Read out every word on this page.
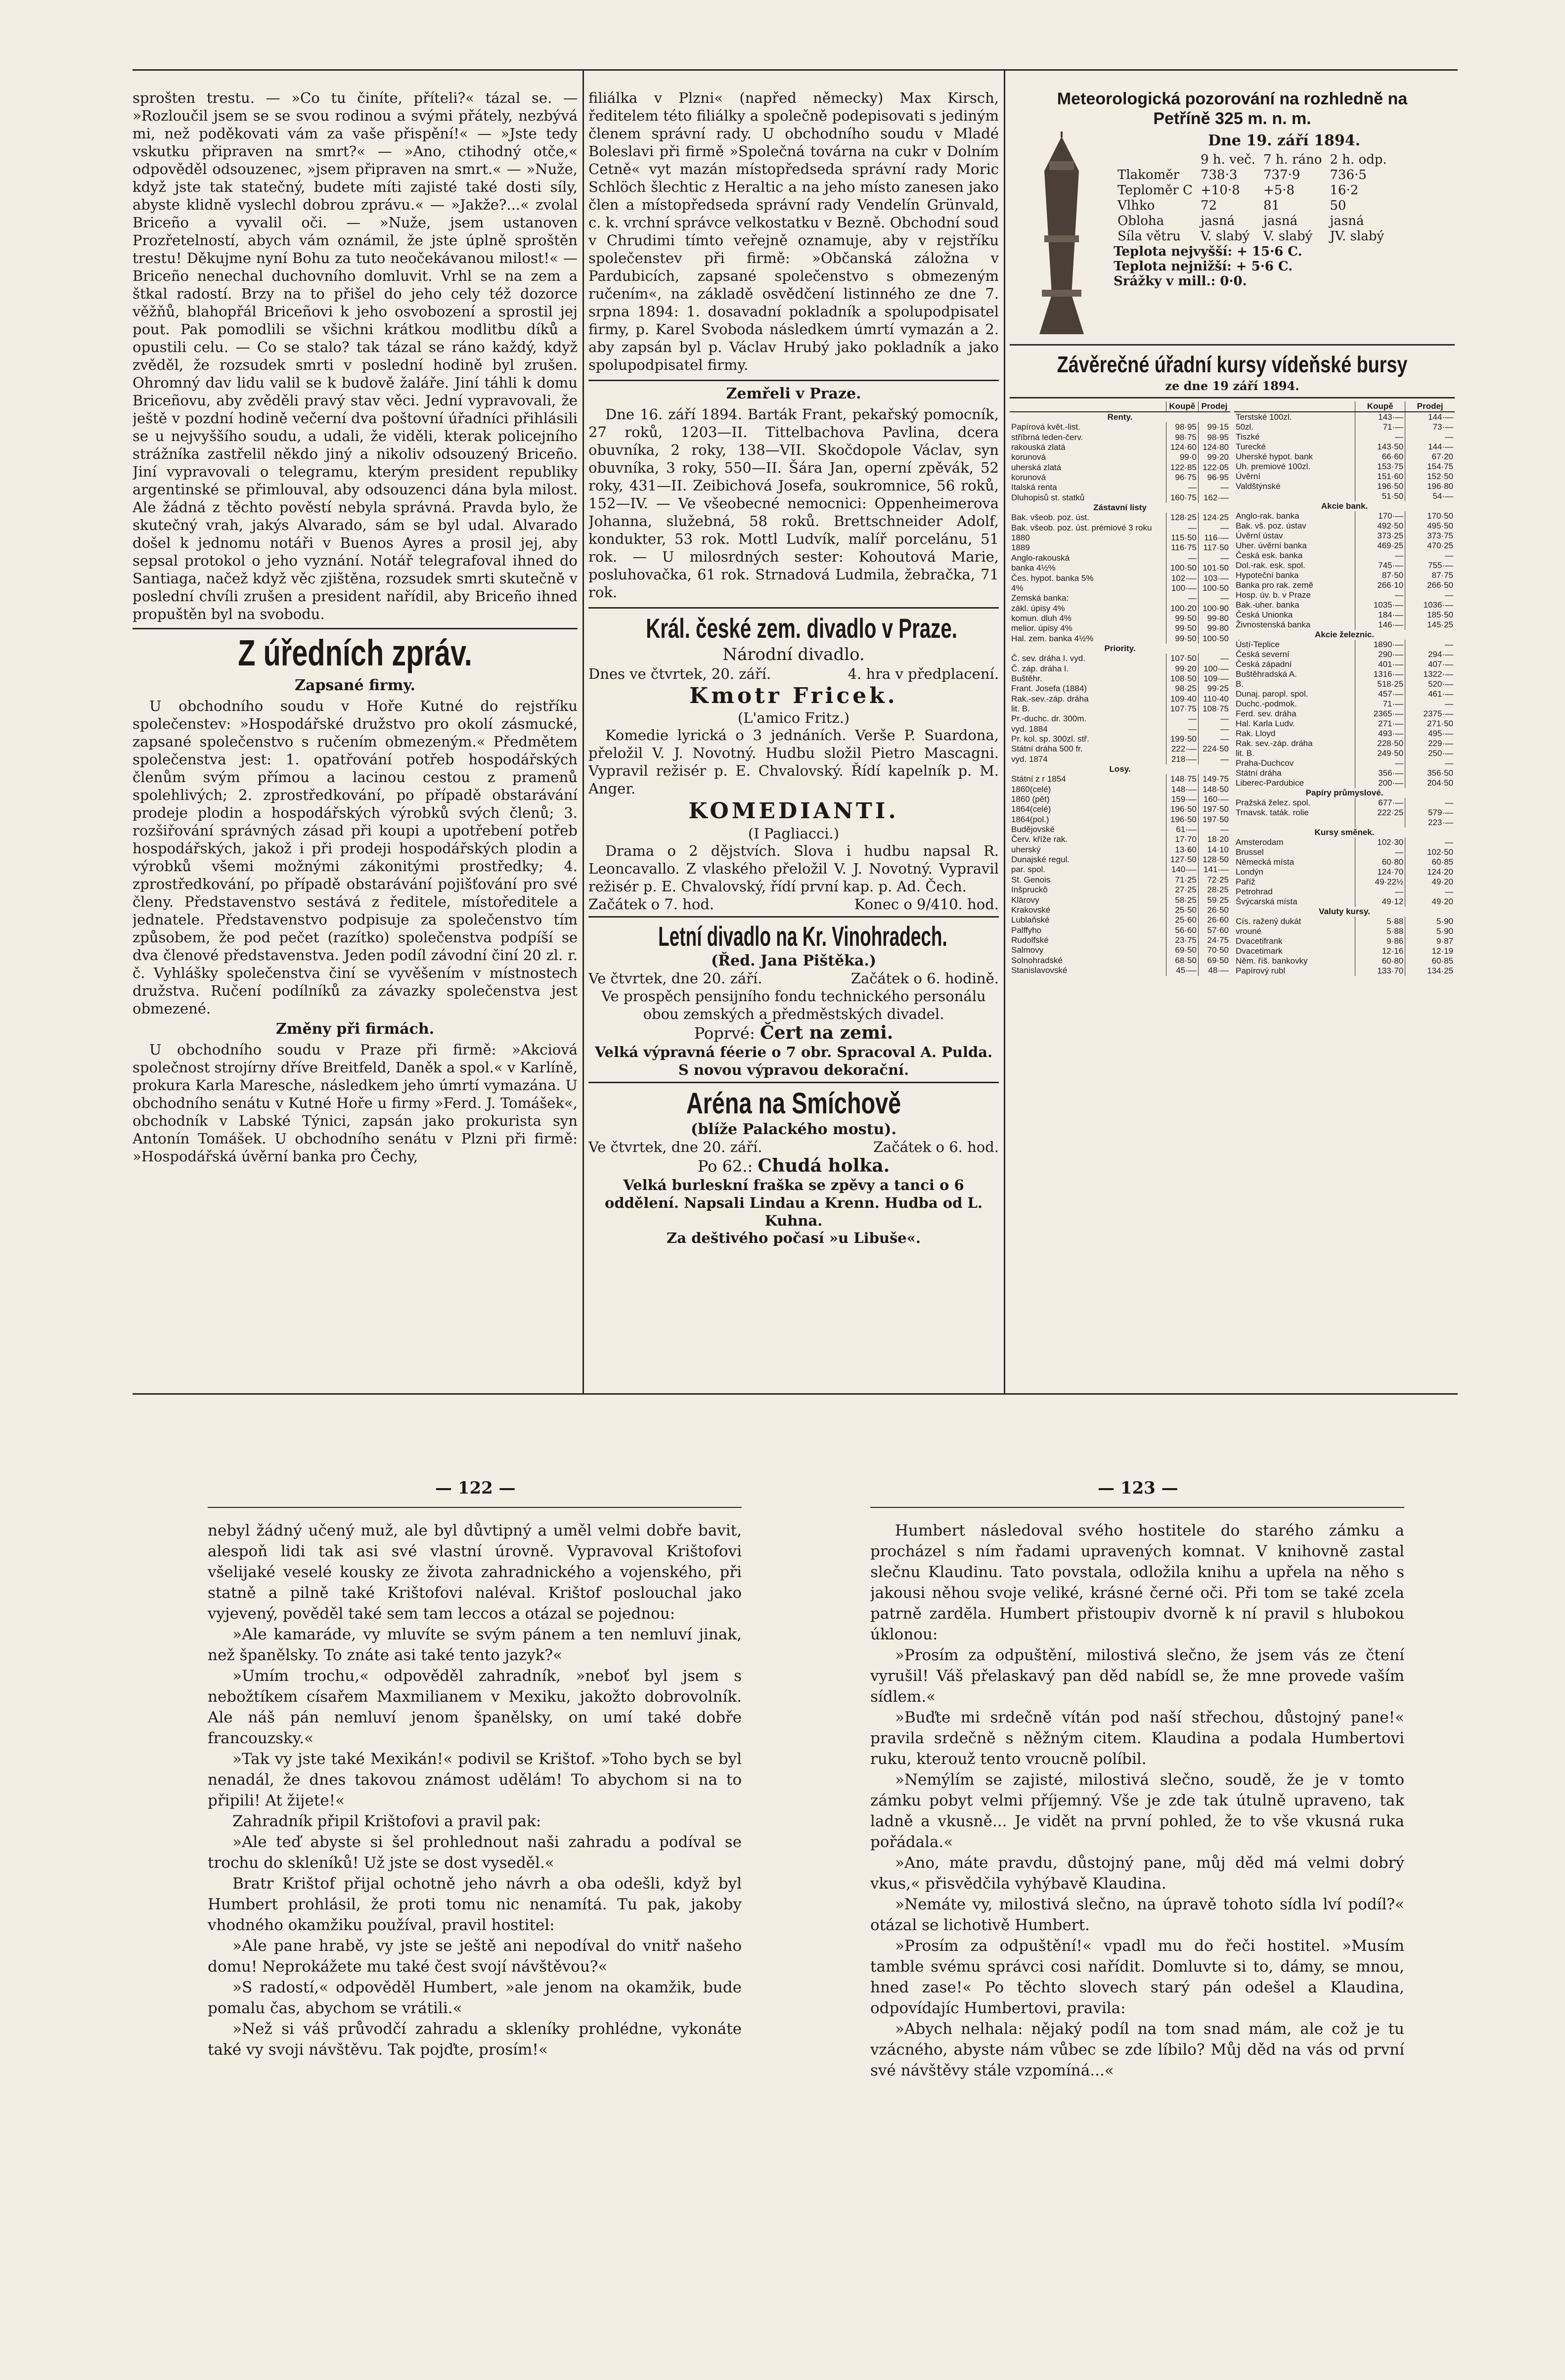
sprošten trestu. — »Co tu činíte, příteli?« tázal se. — »Rozloučil jsem se se svou rodinou a svými přátely, nezbývá mi, než poděkovati vám za vaše přispění!« — »Jste tedy vskutku připraven na smrt?« — »Ano, ctihodný otče,« odpověděl odsouzenec, »jsem připraven na smrt.« — »Nuže, když jste tak statečný, budete míti zajisté také dosti síly, abyste klidně vyslechl dobrou zprávu.« — »Jakže?...« zvolal Briceño a vyvalil oči. — »Nuže, jsem ustanoven Prozřetelností, abych vám oznámil, že jste úplně sproštěn trestu! Děkujme nyní Bohu za tuto neočekávanou milost!« — Briceño nenechal duchovního domluvit. Vrhl se na zem a štkal radostí. Brzy na to přišel do jeho cely též dozorce věžňů, blahopřál Briceñovi k jeho osvobození a sprostil jej pout. Pak pomodlili se všichni krátkou modlitbu díků a opustili celu. — Co se stalo? tak tázal se ráno každý, když zvěděl, že rozsudek smrti v poslední hodině byl zrušen. Ohromný dav lidu valil se k budově žaláře. Jiní táhli k domu Briceñovu, aby zvěděli pravý stav věci. Jední vypravovali, že ještě v pozdní hodině večerní dva poštovní úřadníci přihlásili se u nejvyššího soudu, a udali, že viděli, kterak policejního strážníka zastřelil někdo jiný a nikoliv odsouzený Briceño. Jiní vypravovali o telegramu, kterým president republiky argentinské se přimlouval, aby odsouzenci dána byla milost. Ale žádná z těchto pověstí nebyla správná. Pravda bylo, že skutečný vrah, jakýs Alvarado, sám se byl udal. Alvarado došel k jednomu notáři v Buenos Ayres a prosil jej, aby sepsal protokol o jeho vyznání. Notář telegrafoval ihned do Santiaga, načež když věc zjištěna, rozsudek smrti skutečně v poslední chvíli zrušen a president nařídil, aby Briceño ihned propuštěn byl na svobodu.

Z úředních zpráv.
Zapsané firmy.

U obchodního soudu v Hoře Kutné do rejstříku společenstev: »Hospodářské družstvo pro okolí zásmucké, zapsané společenstvo s ručením obmezeným.« Předmětem společenstva jest: 1. opatřování potřeb hospodářských členům svým přímou a lacinou cestou z pramenů spolehlivých; 2. zprostředkování, po případě obstarávání prodeje plodin a hospodářských výrobků svých členů; 3. rozšiřování správných zásad při koupi a upotřebení potřeb hospodářských, jakož i při prodeji hospodářských plodin a výrobků všemi možnými zákonitými prostředky; 4. zprostředkování, po případě obstarávání pojišťování pro své členy. Představenstvo sestává z ředitele, místoředitele a jednatele. Představenstvo podpisuje za společenstvo tím způsobem, že pod pečet (razítko) společenstva podpíší se dva členové představenstva. Jeden podíl závodní činí 20 zl. r. č. Vyhlášky společenstva činí se vyvěšením v místnostech družstva. Ručení podílníků za závazky společenstva jest obmezené.

Změny při firmách.

U obchodního soudu v Praze při firmě: »Akciová společnost strojírny dříve Breitfeld, Daněk a spol.« v Karlíně, prokura Karla Maresche, následkem jeho úmrtí vymazána. U obchodního senátu v Kutné Hoře u firmy »Ferd. J. Tomášek«, obchodník v Labské Týnici, zapsán jako prokurista syn Antonín Tomášek. U obchodního senátu v Plzni při firmě: »Hospodářská úvěrní banka pro Čechy,

filiálka v Plzni« (napřed německy) Max Kirsch, ředitelem této filiálky a společně podepisovati s jediným členem správní rady. U obchodního soudu v Mladé Boleslavi při firmě »Společná továrna na cukr v Dolním Cetně« vyt mazán místopředseda správní rady Moric Schlöch šlechtic z Heraltic a na jeho místo zanesen jako člen a místopředseda správní rady Vendelín Grünvald, c. k. vrchní správce velkostatku v Bezně. Obchodní soud v Chrudimi tímto veřejně oznamuje, aby v rejstříku společenstev při firmě: »Občanská záložna v Pardubicích, zapsané společenstvo s obmezeným ručením«, na základě osvědčení listinného ze dne 7. srpna 1894: 1. dosavadní pokladník a spolupodpisatel firmy, p. Karel Svoboda následkem úmrtí vymazán a 2. aby zapsán byl p. Václav Hrubý jako pokladník a jako spolupodpisatel firmy.

Zemřeli v Praze.

Dne 16. září 1894. Barták Frant, pekařský pomocník, 27 roků, 1203—II. Tittelbachova Pavlina, dcera obuvníka, 2 roky, 138—VII. Skočdopole Václav, syn obuvníka, 3 roky, 550—II. Šára Jan, operní zpěvák, 52 roky, 431—II. Zeibichová Josefa, soukromnice, 56 roků, 152—IV. — Ve všeobecné nemocnici: Oppenheimerova Johanna, služebná, 58 roků. Brettschneider Adolf, kondukter, 53 rok. Mottl Ludvík, malíř porcelánu, 51 rok. — U milosrdných sester: Kohoutová Marie, posluhovačka, 61 rok. Strnadová Ludmila, žebračka, 71 rok.

Král. české zem. divadlo v Praze.
Národní divadlo.
Dnes ve čtvrtek, 20. září.	4. hra v předplacení.
Kmotr Fricek.
(L'amico Fritz.)

Komedie lyrická o 3 jednáních. Verše P. Suardona, přeložil V. J. Novotný. Hudbu složil Pietro Mascagni. Vypravil režisér p. E. Chvalovský. Řídí kapelník p. M. Anger.

KOMEDIANTI.
(I Pagliacci.)

Drama o 2 dějstvích. Slova i hudbu napsal R. Leoncavallo. Z vlaského přeložil V. J. Novotný. Vypravil režisér p. E. Chvalovský, řídí první kap. p. Ad. Čech.

Začátek o 7. hod.	Konec o 9/410. hod.
Letní divadlo na Kr. Vinohradech.
(Řed. Jana Pištěka.)
Ve čtvrtek, dne 20. září.	Začátek o 6. hodině.

Ve prospěch pensijního fondu technického personálu obou zemských a předměstských divadel.

Poprvé: Čert na zemi.

Velká výpravná féerie o 7 obr. Spracoval A. Pulda. S novou výpravou dekorační.

Aréna na Smíchově
(blíže Palackého mostu).
Ve čtvrtek, dne 20. září.	Začátek o 6. hod.
Po 62.: Chudá holka.

Velká burleskní fraška se zpěvy a tanci o 6 oddělení. Napsali Lindau a Krenn. Hudba od L. Kuhna.

Za deštivého počasí »u Libuše«.
Meteorologická pozorování na rozhledně na Petříně 325 m. n. m.
Dne 19. září 1894.
	9 h. več.	7 h. ráno	2 h. odp.
Tlakoměr	738·3	737·9	736·5
Teploměr C	+10·8	+5·8	16·2
Vlhko	72	81	50
Obloha	jasná	jasná	jasná
Síla větru	V. slabý	V. slabý	JV. slabý
Teplota nejvyšší: + 15·6 C.
Teplota nejnižší: + 5·6 C.
Srážky v mill.: 0·0.
Závěrečné úřadní kursy vídeňské bursy
ze dne 19 září 1894.
	Koupě	Prodej
Renty.		
Papírová květ.-list.	98·95	99·15
stříbrná leden-červ.	98·75	98·95
rakouská zlatá	124·60	124·80
korunová	99·0	99·20
uherská zlatá	122·85	122·05
korunová	96·75	96·95
Italská renta	—	—
Dluhopisů st. statků	160·75	162·—
Zástavní listy		
Bak. všeob. pоz. úst.	128·25	124·25
Bak. všeob. pоz. úst. prémiové 3 roku	—	—
1880	115·50	116·—
1889	116·75	117·50
Anglo-rakouská	—	—
banka 4½%	100·50	101·50
Čes. hypot. banka 5%	102·—	103·—
4%	100·—	100·50
Zemská banka:	—	—
zákl. úpisy 4%	100·20	100·90
komun. dluh 4%	99·50	99·80
melior. úpisy 4%	99·50	99·80
Hal. zem. banka 4½%	99·50	100·50
Priority.		
Č. sev. dráha I. vyd.	107·50	—
Č. záp. dráha I.	99·20	100·—
Buštěhr.	108·50	109·—
Frant. Josefa (1884)	98·25	99·25
Rak.-sev.-záp. dráha	109·40	110·40
lit. B.	107·75	108·75
Pr.-duchc. dr. 300m.	—	—
vyd. 1884	—	—
Pr. kol. sp. 300zl. stř.	199·50	—
Státní dráha 500 fr.	222·—	224·50
vyd. 1874	218·—	—
Losy.		
Státní z r 1854	148·75	149·75
1860(celé)	148·—	148·50
1860 (pět)	159·—	160·—
1864(celé)	196·50	197·50
1864(pol.)	196·50	197·50
Budějovské	61·—	—
Červ. kříže rak.	17·70	18·20
uherský	13·60	14·10
Dunajské regul.	127·50	128·50
par. spol.	140·—	141·—
St. Genois	71·25	72·25
Inšpruckô	27·25	28·25
Klárovy	58·25	59·25
Krakovské	25·50	26·50
Lublaňské	25·60	26·60
Palffyho	56·60	57·60
Rudolfské	23·75	24·75
Salmovy	69·50	70·50
Solnohradské	68·50	69·50
Stanislavovské	45·—	48·—
	Koupě	Prodej
Terstské 100zl.	143·—	144·—
50zl.	71·—	73·—
Tiszké	—	—
Turecké	143·50	144·—
Uherské hypot. bank	66·60	67·20
Uh. premiové 100zl.	153·75	154·75
Úvěrní	151·60	152·50
Valdštýnské	196·50	196·80
	51·50	54·—
Akcie bank.		
Anglo-rak. banka	170·—	170·50
Bak. vš. poz. ústav	492·50	495·50
Úvěrní ústav	373·25	373·75
Uher. úvěrní banka	469·25	470·25
Česká esk. banka	—	—
Dol.-rak. esk. spol.	745·—	755·—
Hypoteční banka	87·50	87·75
Banka pro rak. země	266·10	266·50
Hosp. úv. b. v Praze	—	—
Bak.-uher. banka	1035·—	1036·—
Česká Unionka	184·—	185·50
Živnostenská banka	146·—	145·25
Akcie železnic.		
Ústí-Teplice	1890·—	—
Česká severní	290·—	294·—
Česká západní	401·—	407·—
Buštěhradská A.	1316·—	1322·—
B.	518·25	520·—
Dunaj. paropl. spol.	457·—	461·—
Duchc.-podmok.	71·—	—
Ferd. sev. dráha	2365·—	2375·—
Hal. Karla Ludv.	271·—	271·50
Rak. Lloyd	493·—	495·—
Rak. sev.-záp. dráha	228·50	229·—
lit. B.	249·50	250·—
Praha-Duchcov	—	—
Státní dráha	356·—	356·50
Liberec-Pardubice	200·—	204·50
Papíry průmyslové.		
Pražská želez. spol.	677·—	—
Trnavsk. taták. rolie	222·25	579·—
		223·—
Kursy směnek.		
Amsterodam	102·30	—
Brussel	—	102·50
Německá místa	60·80	60·85
Londýn	124·70	124·20
Paříž	49·22½	49·20
Petrohrad	—	—
Švýcarská místa	49·12	49·20
Valuty kursy.		
Cís. ražený dukát	5·88	5·90
vrouné	5·88	5·90
Dvacetifrank	9·86	9·87
Dvacetimark	12·16	12·19
Něm. říš. bankovky	60·80	60·85
Papírový rubl	133·70	134·25
— 122 —	— 123 —

nebyl žádný učený muž, ale byl důvtipný a uměl velmi dobře bavit, alespoň lidi tak asi své vlastní úrovně. Vypravoval Krištofovi všelijaké veselé kousky ze života zahradnického a vojenského, při statně a pilně také Krištofovi naléval. Krištof poslouchal jako vyjevený, pověděl také sem tam leccos a otázal se pojednou:

»Ale kamaráde, vy mluvíte se svým pánem a ten nemluví jinak, než španělsky. To znáte asi také tento jazyk?«

»Umím trochu,« odpověděl zahradník, »neboť byl jsem s nebožtíkem císařem Maxmilianem v Mexiku, jakožto dobrovolník. Ale náš pán nemluví jenom španělsky, on umí také dobře francouzsky.«

»Tak vy jste také Mexikán!« podivil se Krištof. »Toho bych se byl nenadál, že dnes takovou známost udělám! To abychom si na to připili! At žijete!«

Zahradník připil Krištofovi a pravil pak:

»Ale teď abyste si šel prohlednout naši zahradu a podíval se trochu do skleníků! Už jste se dost vyseděl.«

Bratr Krištof přijal ochotně jeho návrh a oba odešli, když byl Humbert prohlásil, že proti tomu nic nenamítá. Tu pak, jakoby vhodného okamžiku používal, pravil hostitel:

»Ale pane hrabě, vy jste se ještě ani nepodíval do vnitř našeho domu! Neprokážete mu také čest svojí návštěvou?«

»S radostí,« odpověděl Humbert, »ale jenom na okamžik, bude pomalu čas, abychom se vrátili.«

»Než si váš průvodčí zahradu a skleníky prohlédne, vykonáte také vy svoji návštěvu. Tak pojďte, prosím!«

Humbert následoval svého hostitele do starého zámku a procházel s ním řadami upravených komnat. V knihovně zastal slečnu Klaudinu. Tato povstala, odložila knihu a upřela na něho s jakousi něhou svoje veliké, krásné černé oči. Při tom se také zcela patrně zardĕla. Humbert přistoupiv dvorně k ní pravil s hlubokou úklonou:

»Prosím za odpuštění, milostivá slečno, že jsem vás ze čtení vyrušil! Váš přelaskavý pan děd nabídl se, že mne provede vaším sídlem.«

»Buďte mi srdečně vítán pod naší střechou, důstojný pane!« pravila srdečně s něžným citem. Klaudina a podala Humbertovi ruku, kterouž tento vroucně políbil.

»Nemýlím se zajisté, milostivá slečno, soudě, že je v tomto zámku pobyt velmi příjemný. Vše je zde tak útulně upraveno, tak ladně a vkusně... Je vidět na první pohled, že to vše vkusná ruka pořádala.«

»Ano, máte pravdu, důstojný pane, můj děd má velmi dobrý vkus,« přisvědčila vyhýbavě Klaudina.

»Nemáte vy, milostivá slečno, na úpravě tohoto sídla lví podíl?« otázal se lichotivě Humbert.

»Prosím za odpuštění!« vpadl mu do řeči hostitel. »Musím tamble svému správci cosi nařídit. Domluvte si to, dámy, se mnou, hned zase!« Po těchto slovech starý pán odešel a Klaudina, odpovídajíc Humbertovi, pravila:

»Abych nelhala: nějaký podíl na tom snad mám, ale což je tu vzácného, abyste nám vůbec se zde líbilo? Můj děd na vás od první své návštěvy stále vzpomíná...«
